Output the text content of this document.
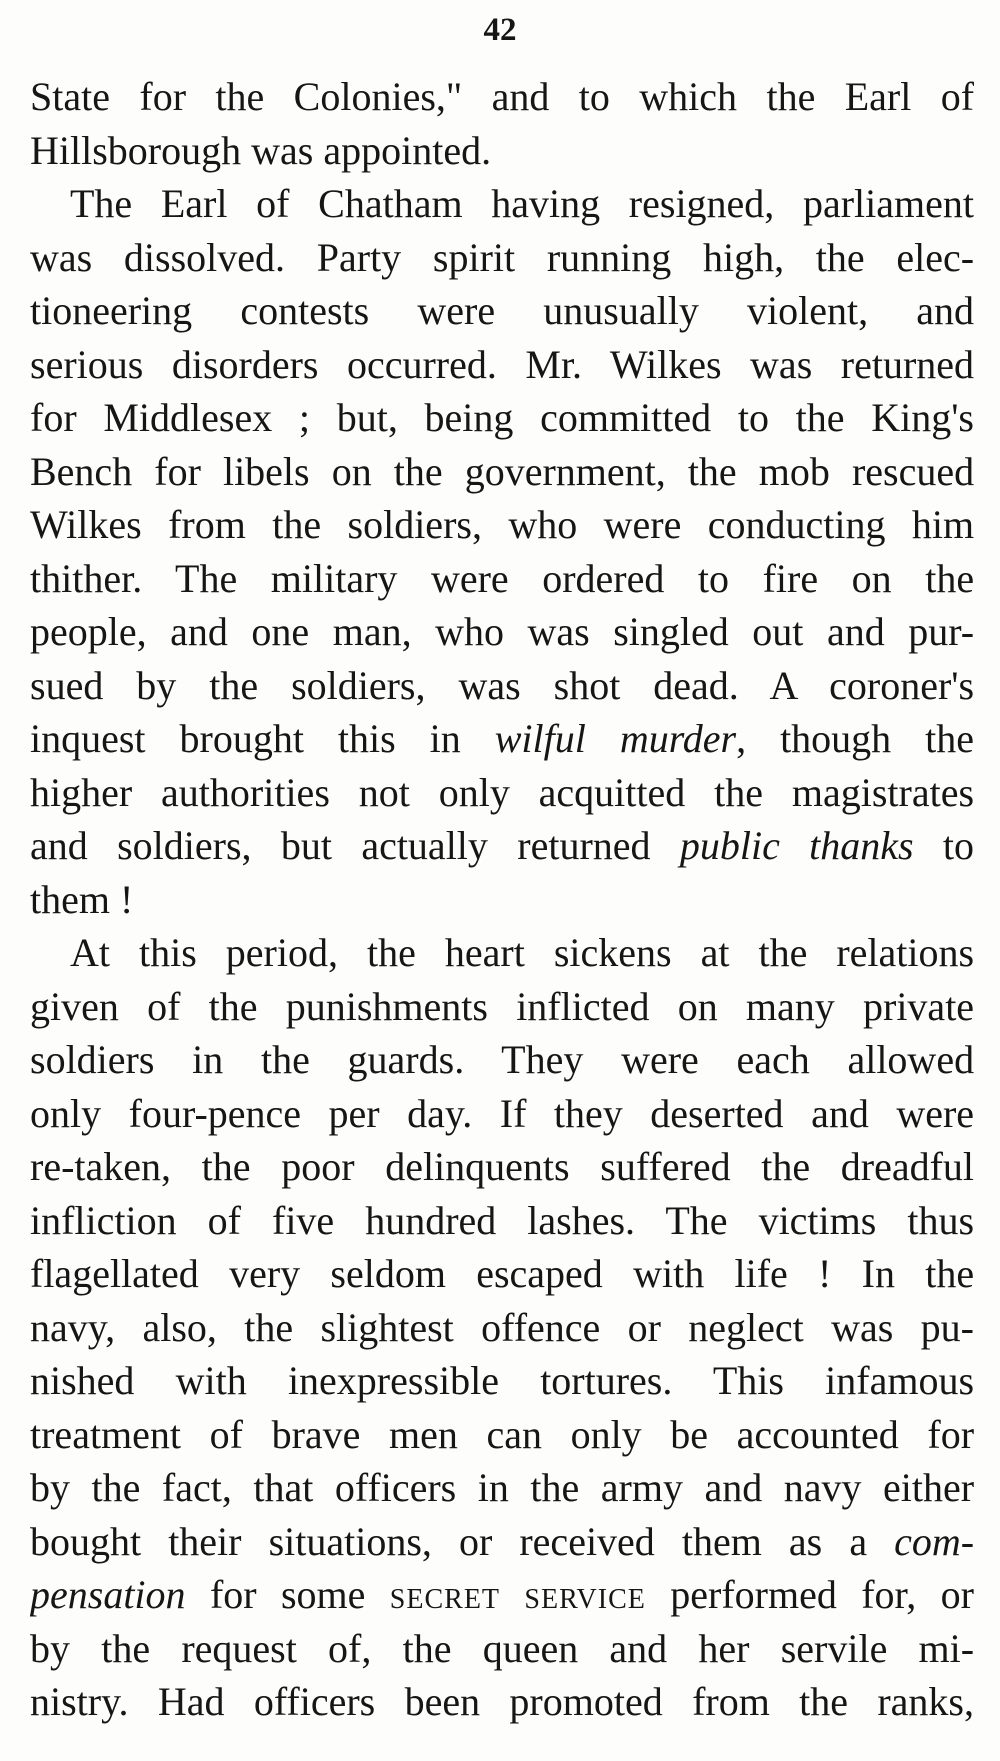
42
State for the Colonies," and to which the Earl of
Hillsborough was appointed.
The Earl of Chatham having resigned, parliament
was dissolved. Party spirit running high, the elec-
tioneering contests were unusually violent, and
serious disorders occurred. Mr. Wilkes was returned
for Middlesex ; but, being committed to the King's
Bench for libels on the government, the mob rescued
Wilkes from the soldiers, who were conducting him
thither. The military were ordered to fire on the
people, and one man, who was singled out and pur-
sued by the soldiers, was shot dead. A coroner's
inquest brought this in wilful murder, though the
higher authorities not only acquitted the magistrates
and soldiers, but actually returned public thanks to
them !
At this period, the heart sickens at the relations
given of the punishments inflicted on many private
soldiers in the guards. They were each allowed
only four-pence per day. If they deserted and were
re-taken, the poor delinquents suffered the dreadful
infliction of five hundred lashes. The victims thus
flagellated very seldom escaped with life ! In the
navy, also, the slightest offence or neglect was pu-
nished with inexpressible tortures. This infamous
treatment of brave men can only be accounted for
by the fact, that officers in the army and navy either
bought their situations, or received them as a com-
pensation for some secret service performed for, or
by the request of, the queen and her servile mi-
nistry. Had officers been promoted from the ranks,
